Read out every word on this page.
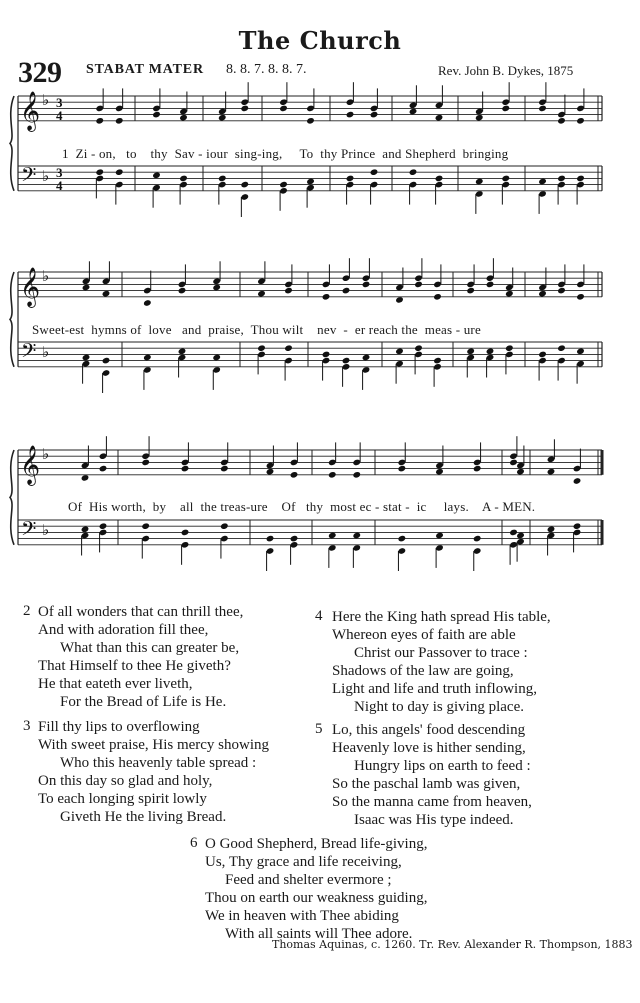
The Church
329 STABAT MATER 8. 8. 7. 8. 8. 7.	Rev. John B. Dykes, 1875
𝄞
𝄢
♭
♭
3
4
3
4
1  Zi - on,   to    thy  Sav - iour  sing-ing,     To  thy Prince  and Shepherd  bringing
𝄞
𝄢
♭
♭
Sweet-est  hymns of  love   and  praise,  Thou wilt    nev  -  er reach the  meas - ure
𝄞
𝄢
♭
♭
Of  His worth,  by    all  the treas-ure    Of   thy  most ec - stat -  ic     lays.    A - MEN.
2 Of all wonders that can thrill thee,
And with adoration fill thee,
What than this can greater be,
That Himself to thee He giveth?
He that eateth ever liveth,
For the Bread of Life is He.
3 Fill thy lips to overflowing
With sweet praise, His mercy showing
Who this heavenly table spread :
On this day so glad and holy,
To each longing spirit lowly
Giveth He the living Bread.
4 Here the King hath spread His table,
Whereon eyes of faith are able
Christ our Passover to trace :
Shadows of the law are going,
Light and life and truth inflowing,
Night to day is giving place.
5 Lo, this angels' food descending
Heavenly love is hither sending,
Hungry lips on earth to feed :
So the paschal lamb was given,
So the manna came from heaven,
Isaac was His type indeed.
6 O Good Shepherd, Bread life-giving,
Us, Thy grace and life receiving,
Feed and shelter evermore ;
Thou on earth our weakness guiding,
We in heaven with Thee abiding
With all saints will Thee adore.
Thomas Aquinas, c. 1260. Tr. Rev. Alexander R. Thompson, 1883
